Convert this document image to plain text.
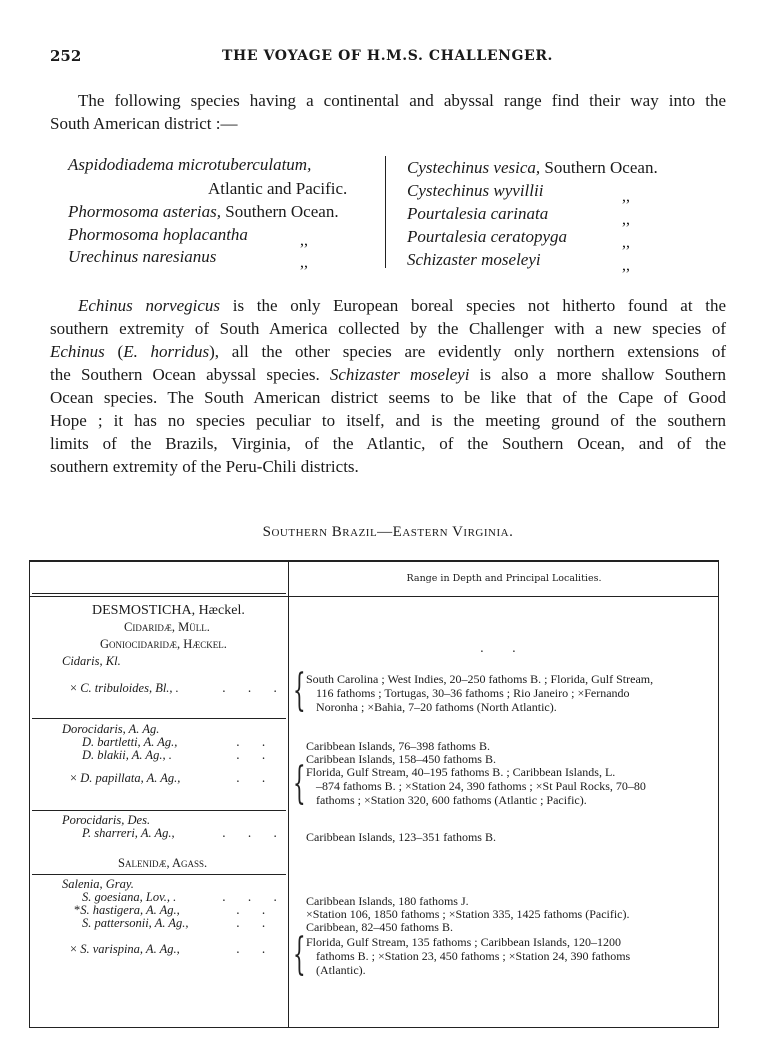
252	THE VOYAGE OF H.M.S. CHALLENGER.
The following species having a continental and abyssal range find their way into the
South American district :—
Aspidodiadema microtuberculatum,
Atlantic and Pacific.
Phormosoma asterias, Southern Ocean.
Phormosoma hoplacantha	,,
Urechinus naresianus	,,
Cystechinus vesica, Southern Ocean.
Cystechinus wyvillii	,,
Pourtalesia carinata	,,
Pourtalesia ceratopyga	,,
Schizaster moseleyi	,,
Echinus norvegicus is the only European boreal species not hitherto found at the
southern extremity of South America collected by the Challenger with a new species of
Echinus (E. horridus), all the other species are evidently only northern extensions of
the Southern Ocean abyssal species. Schizaster moseleyi is also a more shallow Southern
Ocean species. The South American district seems to be like that of the Cape of Good
Hope ; it has no species peculiar to itself, and is the meeting ground of the southern
limits of the Brazils, Virginia, of the Atlantic, of the Southern Ocean, and of the
southern extremity of the Peru-Chili districts.
Southern Brazil—Eastern Virginia.
Range in Depth and Principal Localities.
DESMOSTICHA, Hæckel.
Cidaridæ, Müll.
Goniocidaridæ, Hæckel.
Cidaris, Kl.
. .
× C. tribuloides, Bl., .	. . . { South Carolina ; West Indies, 20–250 fathoms B. ; Florida, Gulf Stream,
116 fathoms ; Tortugas, 30–36 fathoms ; Rio Janeiro ; ×Fernando
Noronha ; ×Bahia, 7–20 fathoms (North Atlantic).
Dorocidaris, A. Ag.
D. bartletti, A. Ag.,	. .	Caribbean Islands, 76–398 fathoms B.
D. blakii, A. Ag., .	. .	Caribbean Islands, 158–450 fathoms B.
× D. papillata, A. Ag.,	. . { Florida, Gulf Stream, 40–195 fathoms B. ; Caribbean Islands, L.
–874 fathoms B. ; ×Station 24, 390 fathoms ; ×St Paul Rocks, 70–80
fathoms ; ×Station 320, 600 fathoms (Atlantic ; Pacific).
Porocidaris, Des.
P. sharreri, A. Ag.,	. . . Caribbean Islands, 123–351 fathoms B.
Salenidæ, Agass.
Salenia, Gray.
S. goesiana, Lov., .	. . . Caribbean Islands, 180 fathoms J.
*S. hastigera, A. Ag.,	. .	×Station 106, 1850 fathoms ; ×Station 335, 1425 fathoms (Pacific).
S. pattersonii, A. Ag.,	. .	Caribbean, 82–450 fathoms B.
× S. varispina, A. Ag.,	. . { Florida, Gulf Stream, 135 fathoms ; Caribbean Islands, 120–1200
fathoms B. ; ×Station 23, 450 fathoms ; ×Station 24, 390 fathoms
(Atlantic).
